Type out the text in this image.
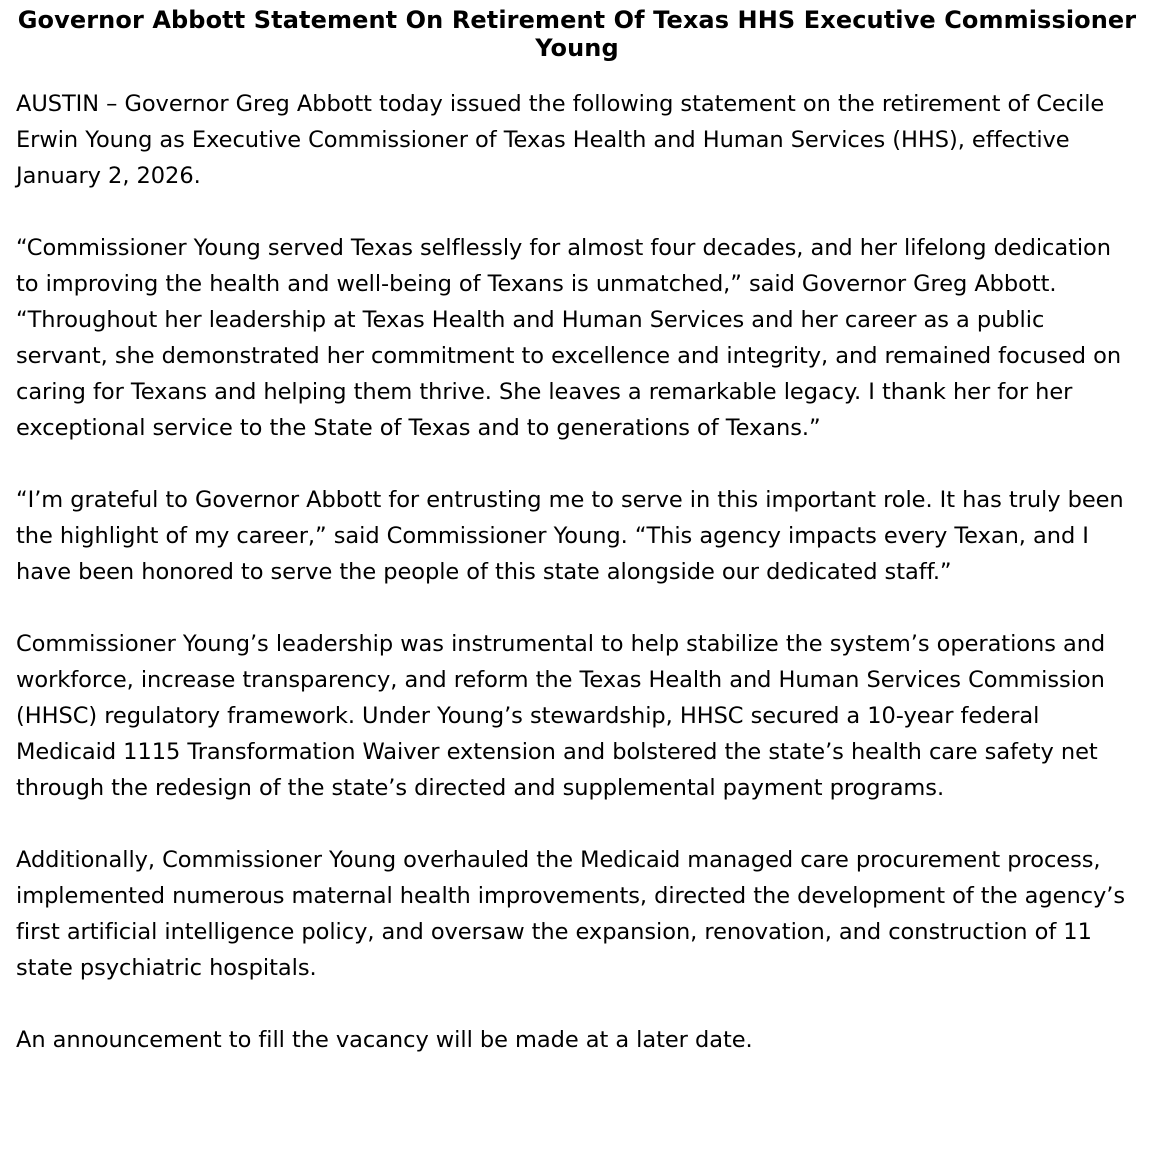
Governor Abbott Statement On Retirement Of Texas HHS Executive Commissioner Young

AUSTIN – Governor Greg Abbott today issued the following statement on the retirement of Cecile Erwin Young as Executive Commissioner of Texas Health and Human Services (HHS), effective January 2, 2026.

“Commissioner Young served Texas selflessly for almost four decades, and her lifelong dedication to improving the health and well-being of Texans is unmatched,” said Governor Greg Abbott. “Throughout her leadership at Texas Health and Human Services and her career as a public servant, she demonstrated her commitment to excellence and integrity, and remained focused on caring for Texans and helping them thrive. She leaves a remarkable legacy. I thank her for her exceptional service to the State of Texas and to generations of Texans.”

“I’m grateful to Governor Abbott for entrusting me to serve in this important role. It has truly been the highlight of my career,” said Commissioner Young. “This agency impacts every Texan, and I have been honored to serve the people of this state alongside our dedicated staff.”

Commissioner Young’s leadership was instrumental to help stabilize the system’s operations and workforce, increase transparency, and reform the Texas Health and Human Services Commission (HHSC) regulatory framework. Under Young’s stewardship, HHSC secured a 10-year federal Medicaid 1115 Transformation Waiver extension and bolstered the state’s health care safety net through the redesign of the state’s directed and supplemental payment programs.

Additionally, Commissioner Young overhauled the Medicaid managed care procurement process, implemented numerous maternal health improvements, directed the development of the agency’s first artificial intelligence policy, and oversaw the expansion, renovation, and construction of 11 state psychiatric hospitals.

An announcement to fill the vacancy will be made at a later date.
